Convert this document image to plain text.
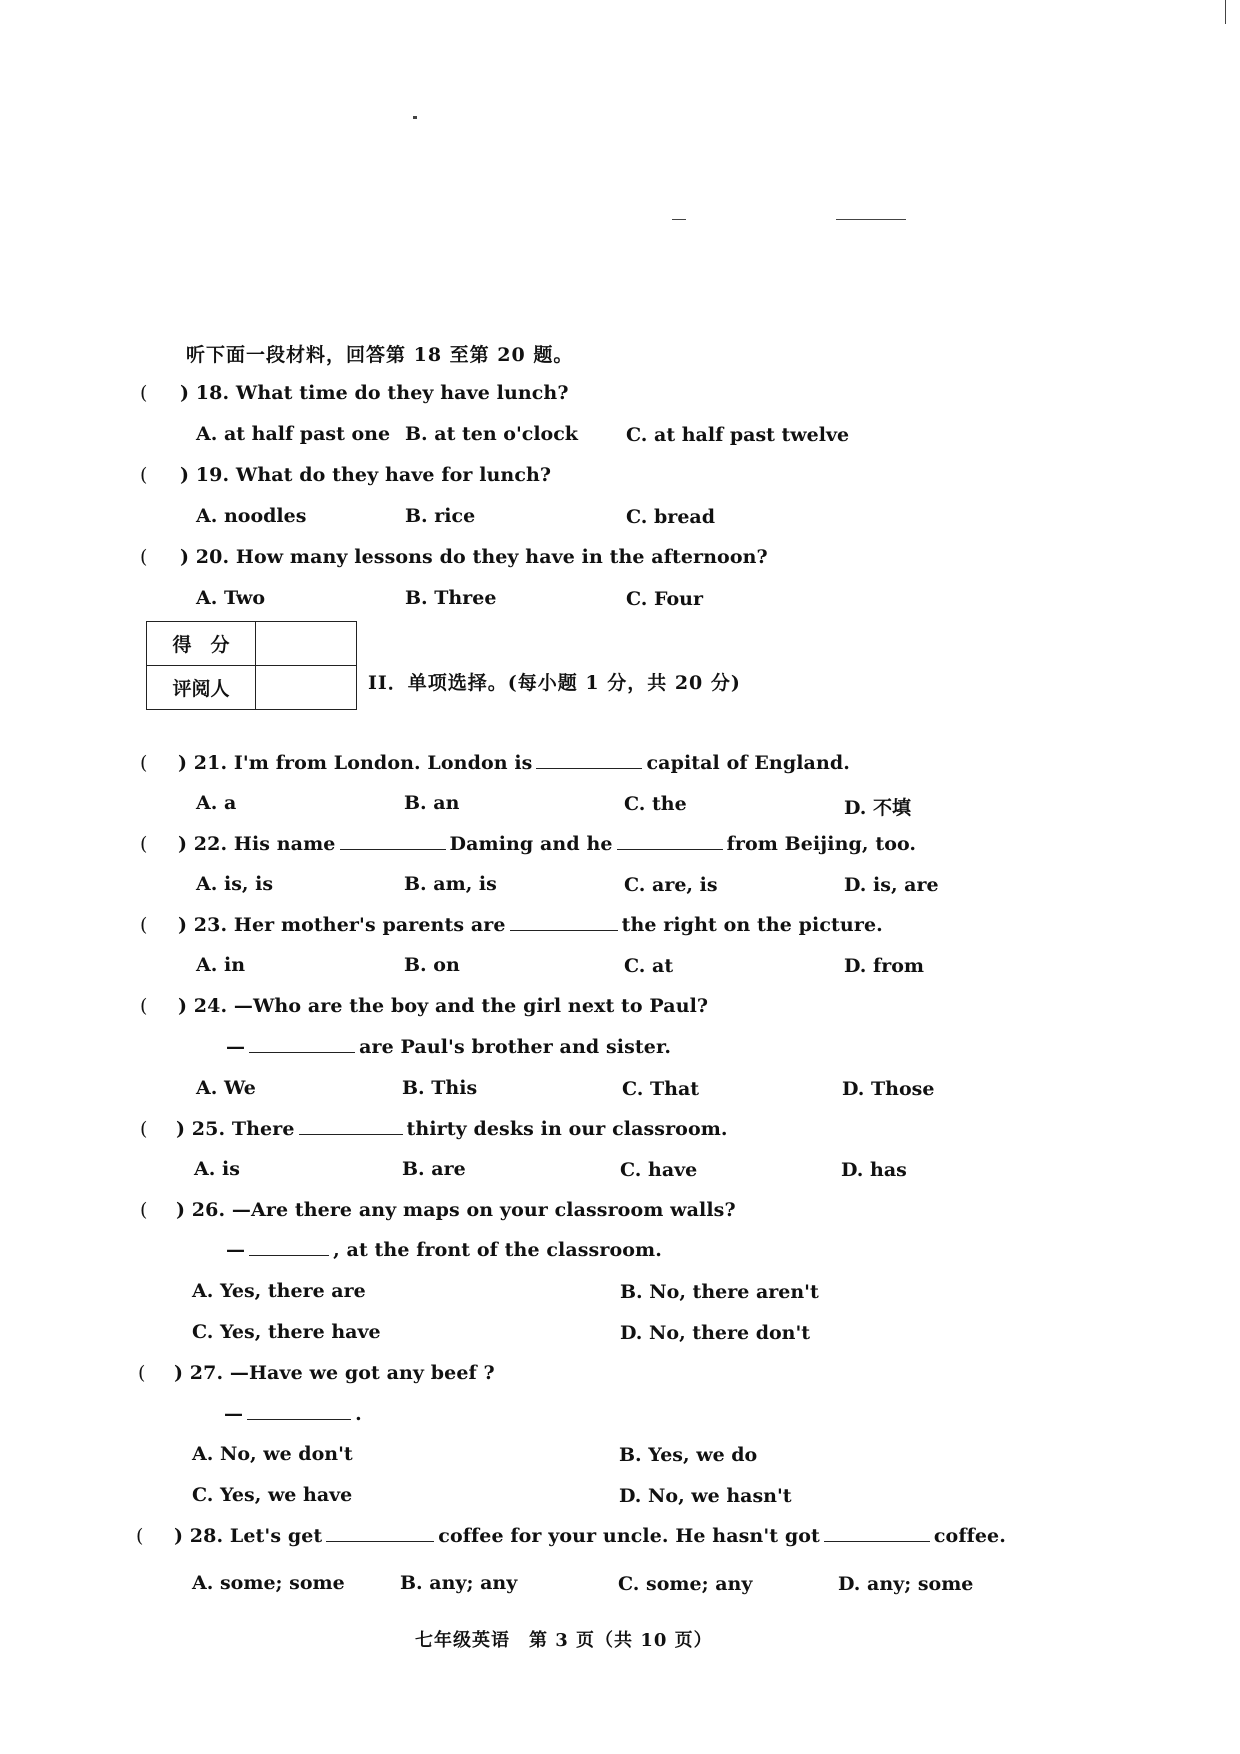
听下面一段材料，回答第 18 至第 20 题。
( ) 18. What time do they have lunch?
A. at half past one B. at ten o'clock	C. at half past twelve
( ) 19. What do they have for lunch?
A. noodles	B. rice	C. bread
( ) 20. How many lessons do they have in the afternoon?
A. Two	B. Three	C. Four
得　分	
评阅人		II．单项选择。(每小题 1 分，共 20 分)
( ) 21. I'm from London. London is	capital of England.
A. a	B. an	C. the	D. 不填
( ) 22. His name	Daming and he	from Beijing, too.
A. is, is	B. am, is	C. are, is	D. is, are
( ) 23. Her mother's parents are	the right on the picture.
A. in	B. on	C. at	D. from
( ) 24. —Who are the boy and the girl next to Paul?
—	are Paul's brother and sister.
A. We	B. This	C. That	D. Those
( ) 25. There	thirty desks in our classroom.
A. is	B. are	C. have	D. has
( ) 26. —Are there any maps on your classroom walls?
—	, at the front of the classroom.
A. Yes, there are	B. No, there aren't
C. Yes, there have	D. No, there don't
( ) 27. —Have we got any beef ?
—	.
A. No, we don't	B. Yes, we do
C. Yes, we have	D. No, we hasn't
( ) 28. Let's get	coffee for your uncle. He hasn't got	coffee.
A. some; some	B. any; any	C. some; any	D. any; some
七年级英语　第 3 页（共 10 页）
